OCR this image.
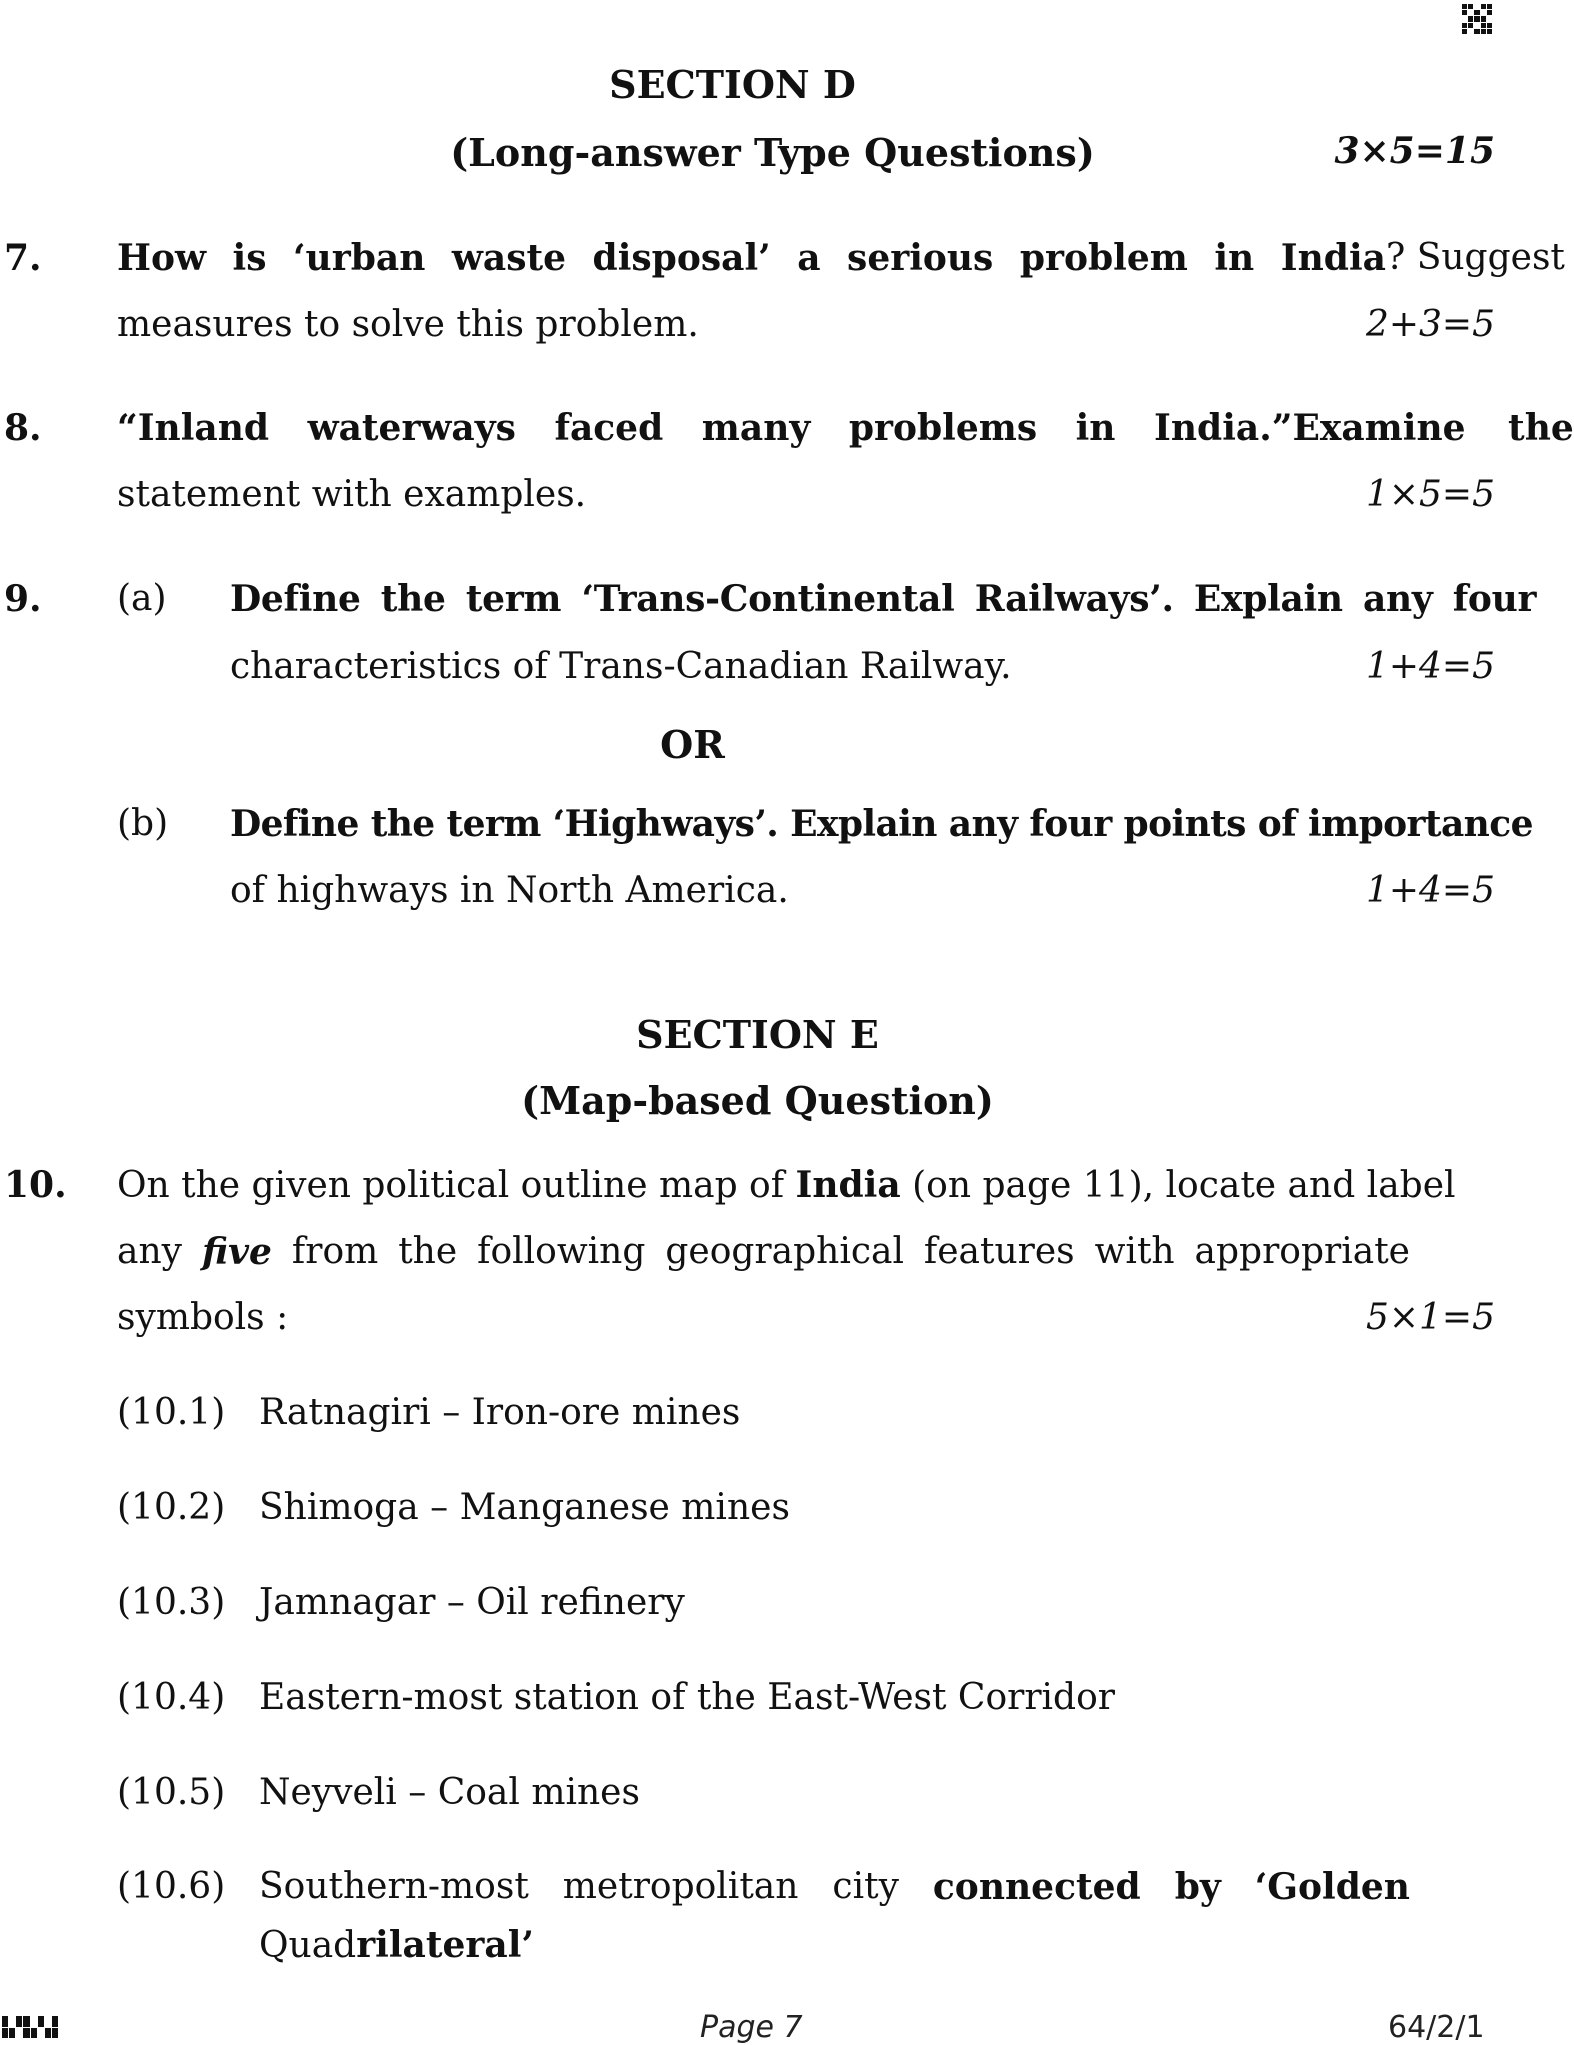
SECTION D
(Long-answer Type Questions)	3×5=15
7. How is ‘urban waste disposal’ a serious problem in India ? Suggest
measures to solve this problem.	2+3=5
8. “Inland waterways faced many problems in India.” Examine the
statement with examples.	1×5=5
9. (a) Define the term ‘Trans-Continental Railways’. Explain any four
characteristics of Trans-Canadian Railway.	1+4=5
OR
(b) Define the term ‘Highways’. Explain any four points of importance
of highways in North America.	1+4=5
SECTION E
(Map-based Question)
10. On the given political outline map of India (on page 11), locate and label
any five from the following geographical features with appropriate
symbols :	5×1=5
(10.1) Ratnagiri – Iron-ore mines
(10.2) Shimoga – Manganese mines
(10.3) Jamnagar – Oil refinery
(10.4) Eastern-most station of the East-West Corridor
(10.5) Neyveli – Coal mines
(10.6) Southern-most metropolitan city connected by ‘Golden
Quadrilateral’
Page 7	64/2/1
